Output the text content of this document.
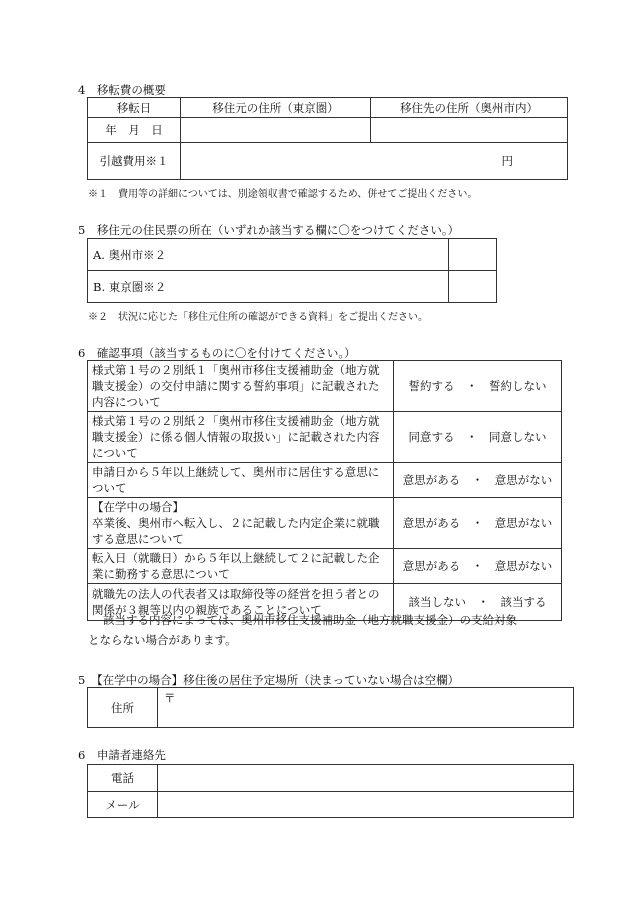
4　移転費の概要
移転日	移住元の住所（東京圏）	移住先の住所（奥州市内）
年　月　日		
引越費用※１	円	
※１　費用等の詳細については、別途領収書で確認するため、併せてご提出ください。
5　移住元の住民票の所在（いずれか該当する欄に〇をつけてください。）
A. 奥州市※２	
B. 東京圏※２	
※２　状況に応じた「移住元住所の確認ができる資料」をご提出ください。
6　確認事項（該当するものに〇を付けてください。）
様式第１号の２別紙１「奥州市移住支援補助金（地方就職支援金）の交付申請に関する誓約事項」に記載された内容について	誓約する　・　誓約しない
様式第１号の２別紙２「奥州市移住支援補助金（地方就職支援金）に係る個人情報の取扱い」に記載された内容について	同意する　・　同意しない
申請日から５年以上継続して、奥州市に居住する意思について	意思がある　・　意思がない

【在学中の場合】
卒業後、奥州市へ転入し、２に記載した内定企業に就職する意思について	意思がある　・　意思がない
転入日（就職日）から５年以上継続して２に記載した企業に勤務する意思について	意思がある　・　意思がない
就職先の法人の代表者又は取締役等の経営を担う者との関係が３親等以内の親族であることについて	該当しない　・　該当する
該当する内容によっては、奥州市移住支援補助金（地方就職支援金）の支給対象
とならない場合があります。
5　【在学中の場合】移住後の居住予定場所（決まっていない場合は空欄）
住所	〒
6　申請者連絡先
電話	
メール	
